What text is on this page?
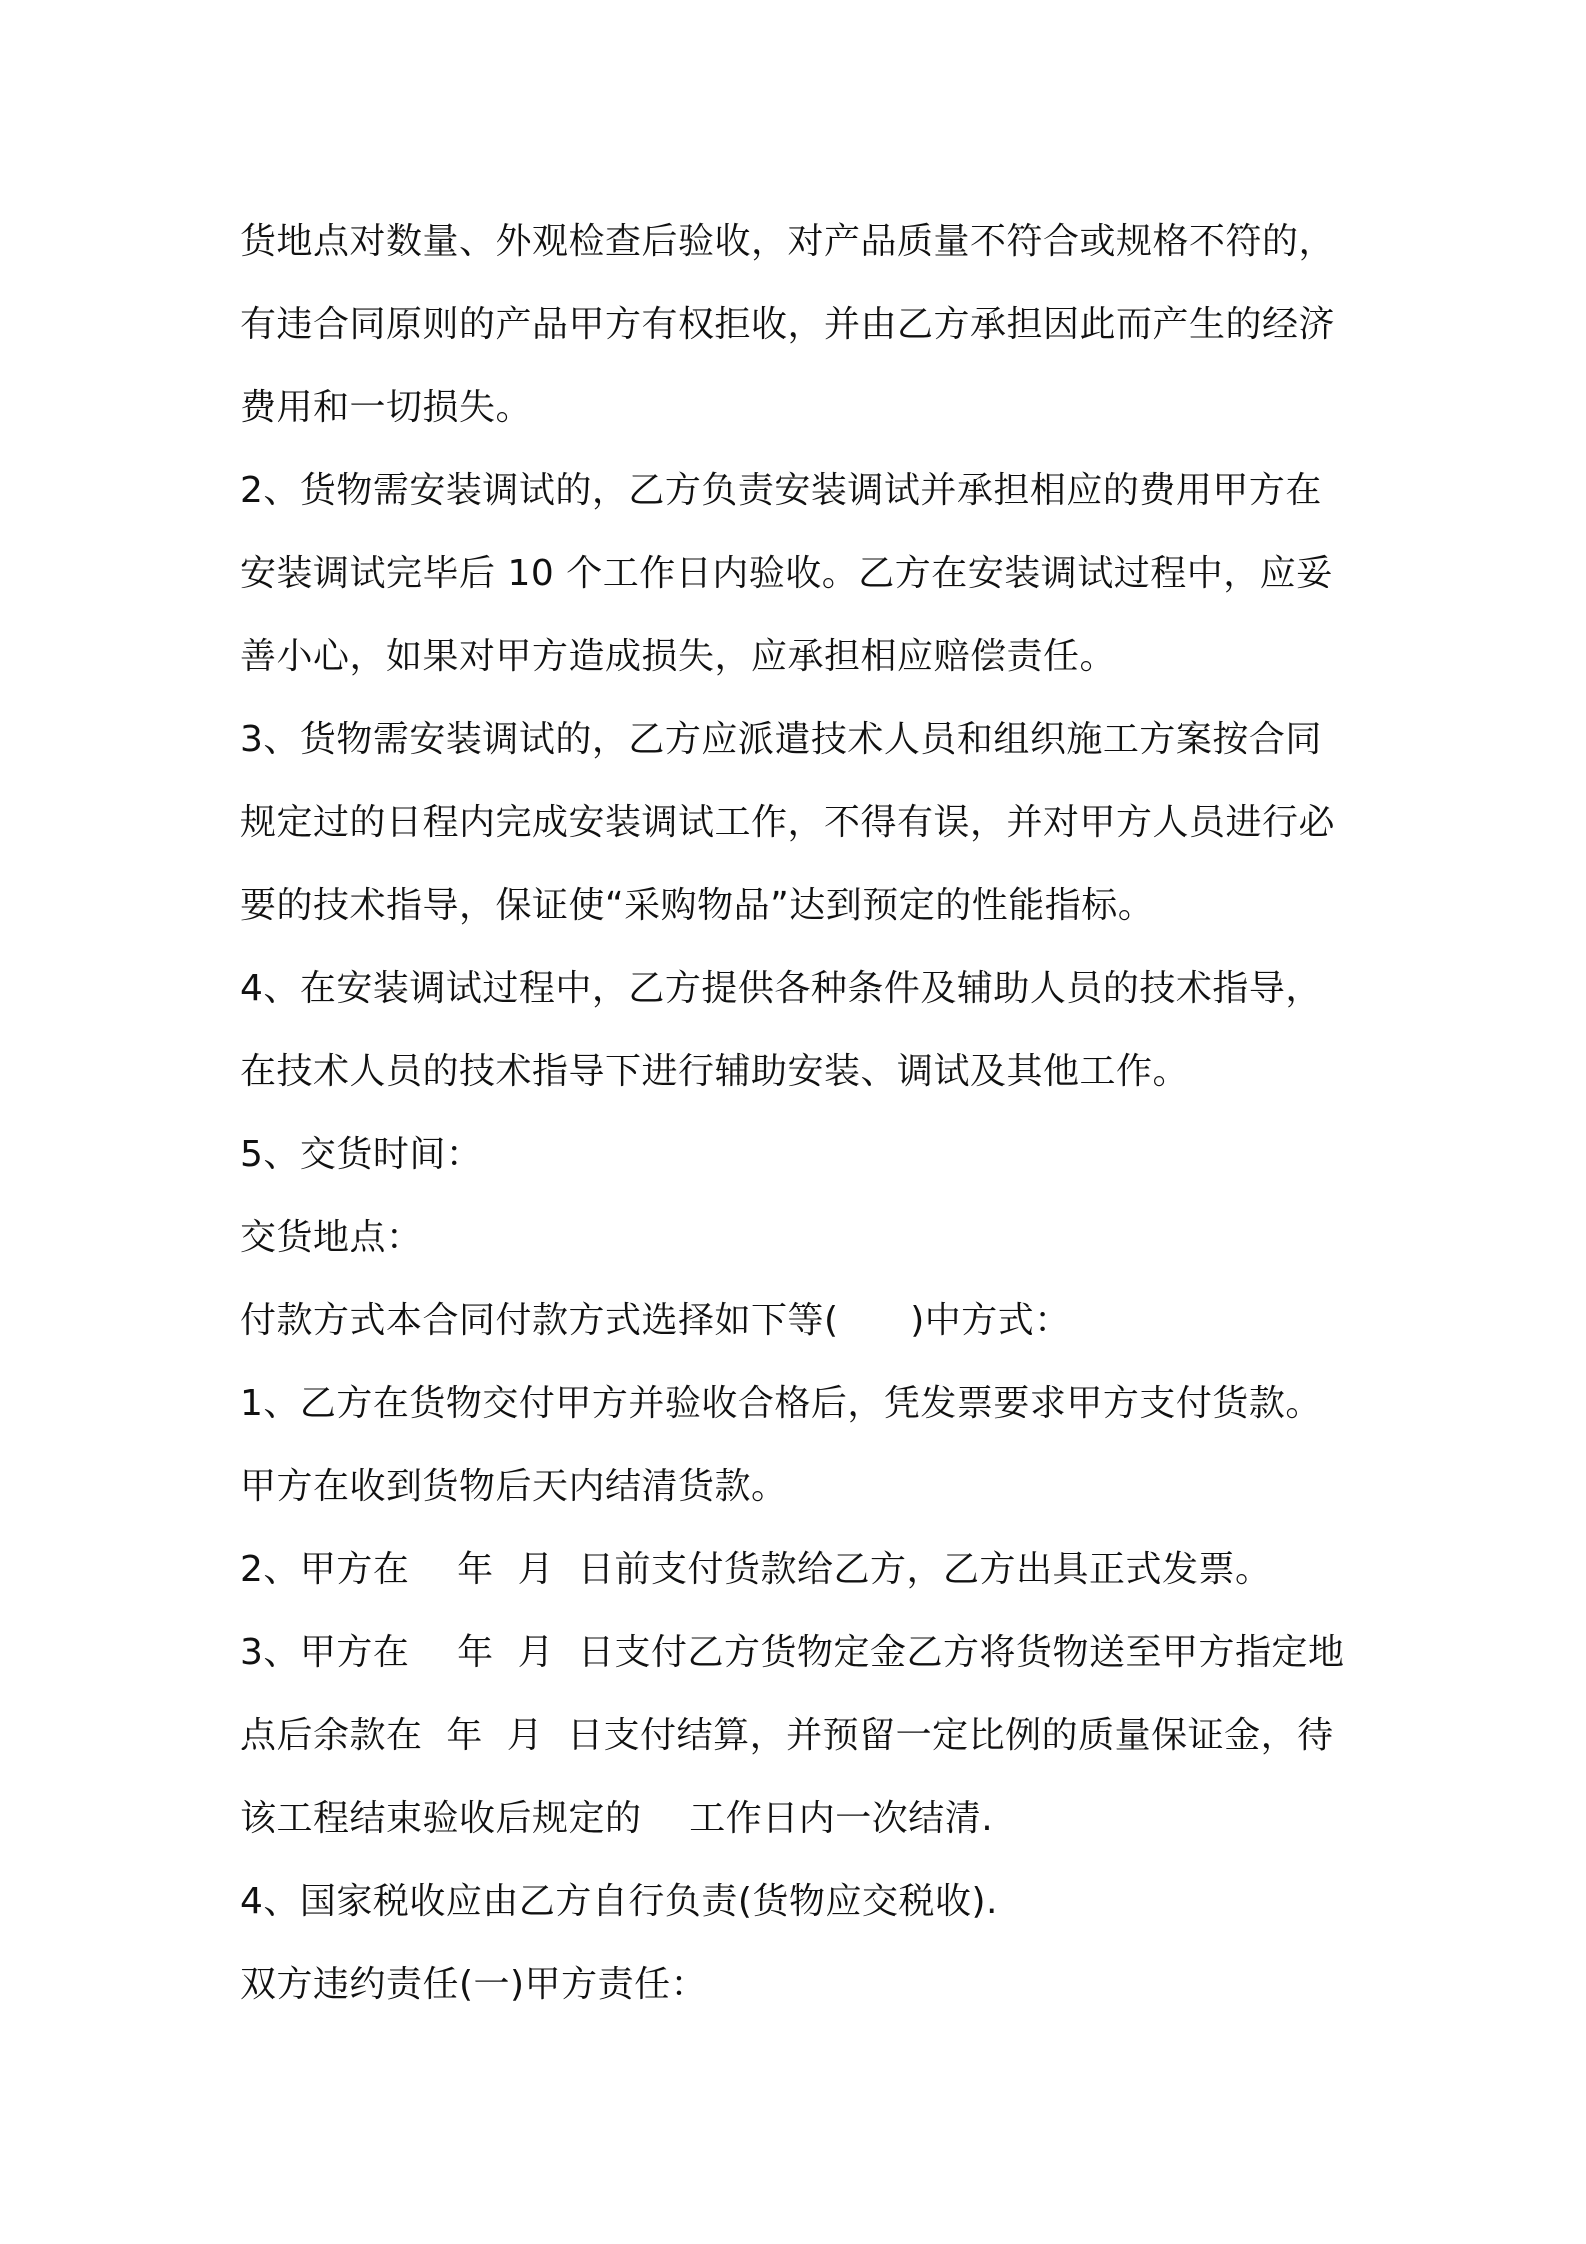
货地点对数量、外观检查后验收，对产品质量不符合或规格不符的，
有违合同原则的产品甲方有权拒收，并由乙方承担因此而产生的经济
费用和一切损失。
2、货物需安装调试的，乙方负责安装调试并承担相应的费用甲方在
安装调试完毕后 10 个工作日内验收。乙方在安装调试过程中，应妥
善小心，如果对甲方造成损失，应承担相应赔偿责任。
3、货物需安装调试的，乙方应派遣技术人员和组织施工方案按合同
规定过的日程内完成安装调试工作，不得有误，并对甲方人员进行必
要的技术指导，保证使“采购物品”达到预定的性能指标。
4、在安装调试过程中，乙方提供各种条件及辅助人员的技术指导，
在技术人员的技术指导下进行辅助安装、调试及其他工作。
5、交货时间：
交货地点：
付款方式本合同付款方式选择如下等(      )中方式：
1、乙方在货物交付甲方并验收合格后，凭发票要求甲方支付货款。
甲方在收到货物后天内结清货款。
2、甲方在    年  月  日前支付货款给乙方，乙方出具正式发票。
3、甲方在    年  月  日支付乙方货物定金乙方将货物送至甲方指定地
点后余款在  年  月  日支付结算，并预留一定比例的质量保证金，待
该工程结束验收后规定的    工作日内一次结清.
4、国家税收应由乙方自行负责(货物应交税收).
双方违约责任(一)甲方责任：
